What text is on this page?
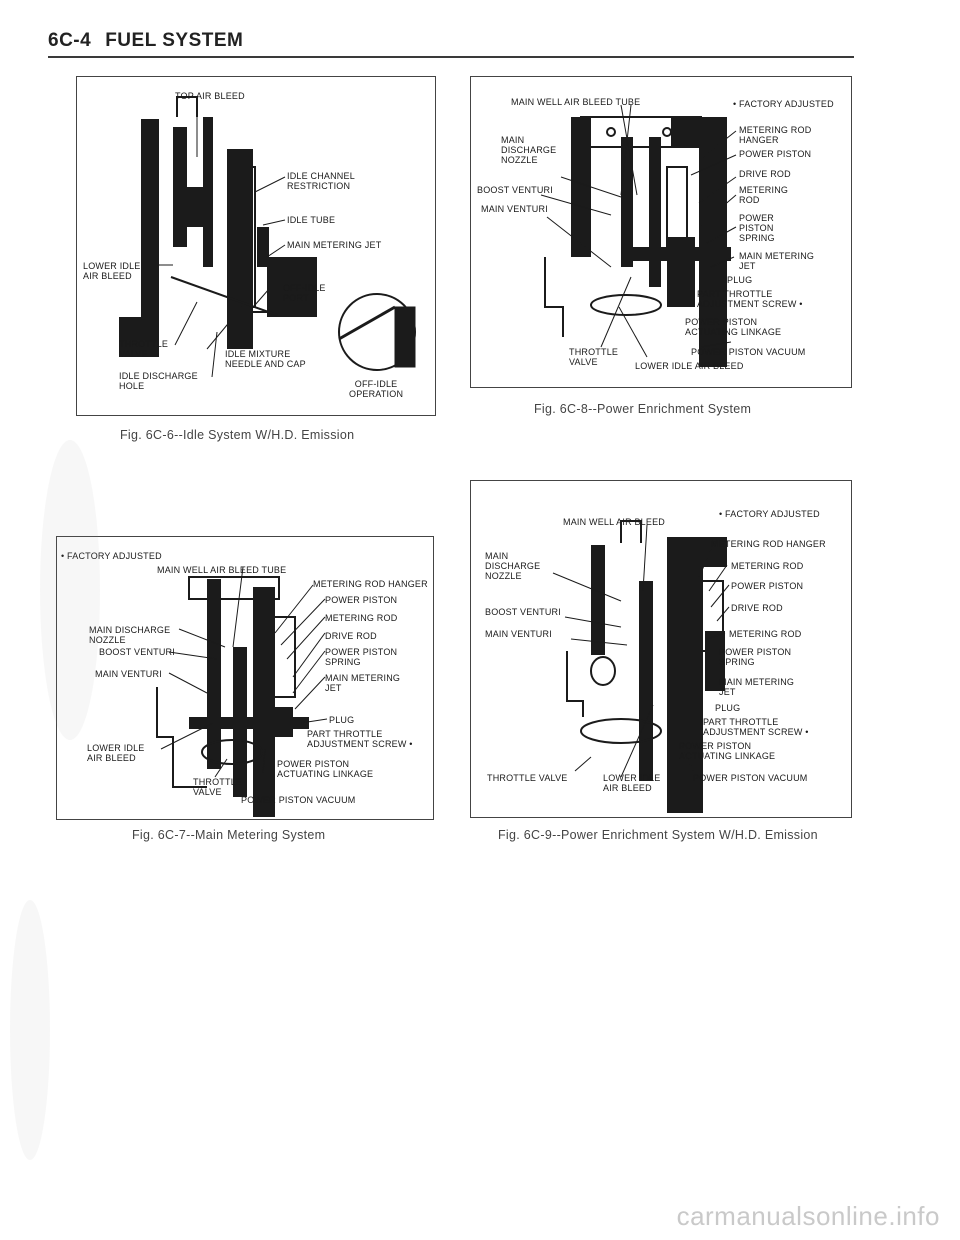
6C-4 FUEL SYSTEM
TOP AIR BLEED
IDLE CHANNEL
RESTRICTION
IDLE TUBE
MAIN METERING JET
LOWER IDLE
AIR BLEED
OFF-IDLE
PORT
THROTTLE
VALVE	IDLE MIXTURE
NEEDLE AND CAP
IDLE DISCHARGE
HOLE	OFF-IDLE
OPERATION
Fig. 6C-6--Idle System W/H.D. Emission
MAIN WELL AIR BLEED TUBE	• FACTORY ADJUSTED
METERING ROD
HANGER
MAIN
DISCHARGE
NOZZLE
POWER PISTON
DRIVE ROD
BOOST VENTURI	METERING
ROD
MAIN VENTURI
POWER
PISTON
SPRING
MAIN METERING
JET
PLUG
PART THROTTLE
ADJUSTMENT SCREW •
POWER PISTON
ACTUATING LINKAGE
THROTTLE
VALVE
POWER PISTON VACUUM
LOWER IDLE AIR BLEED
Fig. 6C-8--Power Enrichment System
• FACTORY ADJUSTED
MAIN WELL AIR BLEED TUBE
METERING ROD HANGER
POWER PISTON
METERING ROD
MAIN DISCHARGE
NOZZLE	DRIVE ROD
BOOST VENTURI	POWER PISTON
SPRING
MAIN VENTURI	MAIN METERING
JET
PLUG
PART THROTTLE
ADJUSTMENT SCREW •
LOWER IDLE
AIR BLEED
POWER PISTON
ACTUATING LINKAGE
THROTTLE
VALVE
POWER PISTON VACUUM
Fig. 6C-7--Main Metering System
• FACTORY ADJUSTED
MAIN WELL AIR BLEED
METERING ROD HANGER
MAIN
DISCHARGE
NOZZLE
METERING ROD
POWER PISTON
BOOST VENTURI	DRIVE ROD
MAIN VENTURI	METERING ROD
POWER PISTON
SPRING
MAIN METERING
JET
PLUG
PART THROTTLE
ADJUSTMENT SCREW •
POWER PISTON
ACTUATING LINKAGE
THROTTLE VALVE	LOWER IDLE
AIR BLEED
POWER PISTON VACUUM
Fig. 6C-9--Power Enrichment System W/H.D. Emission
carmanualsonline.info
